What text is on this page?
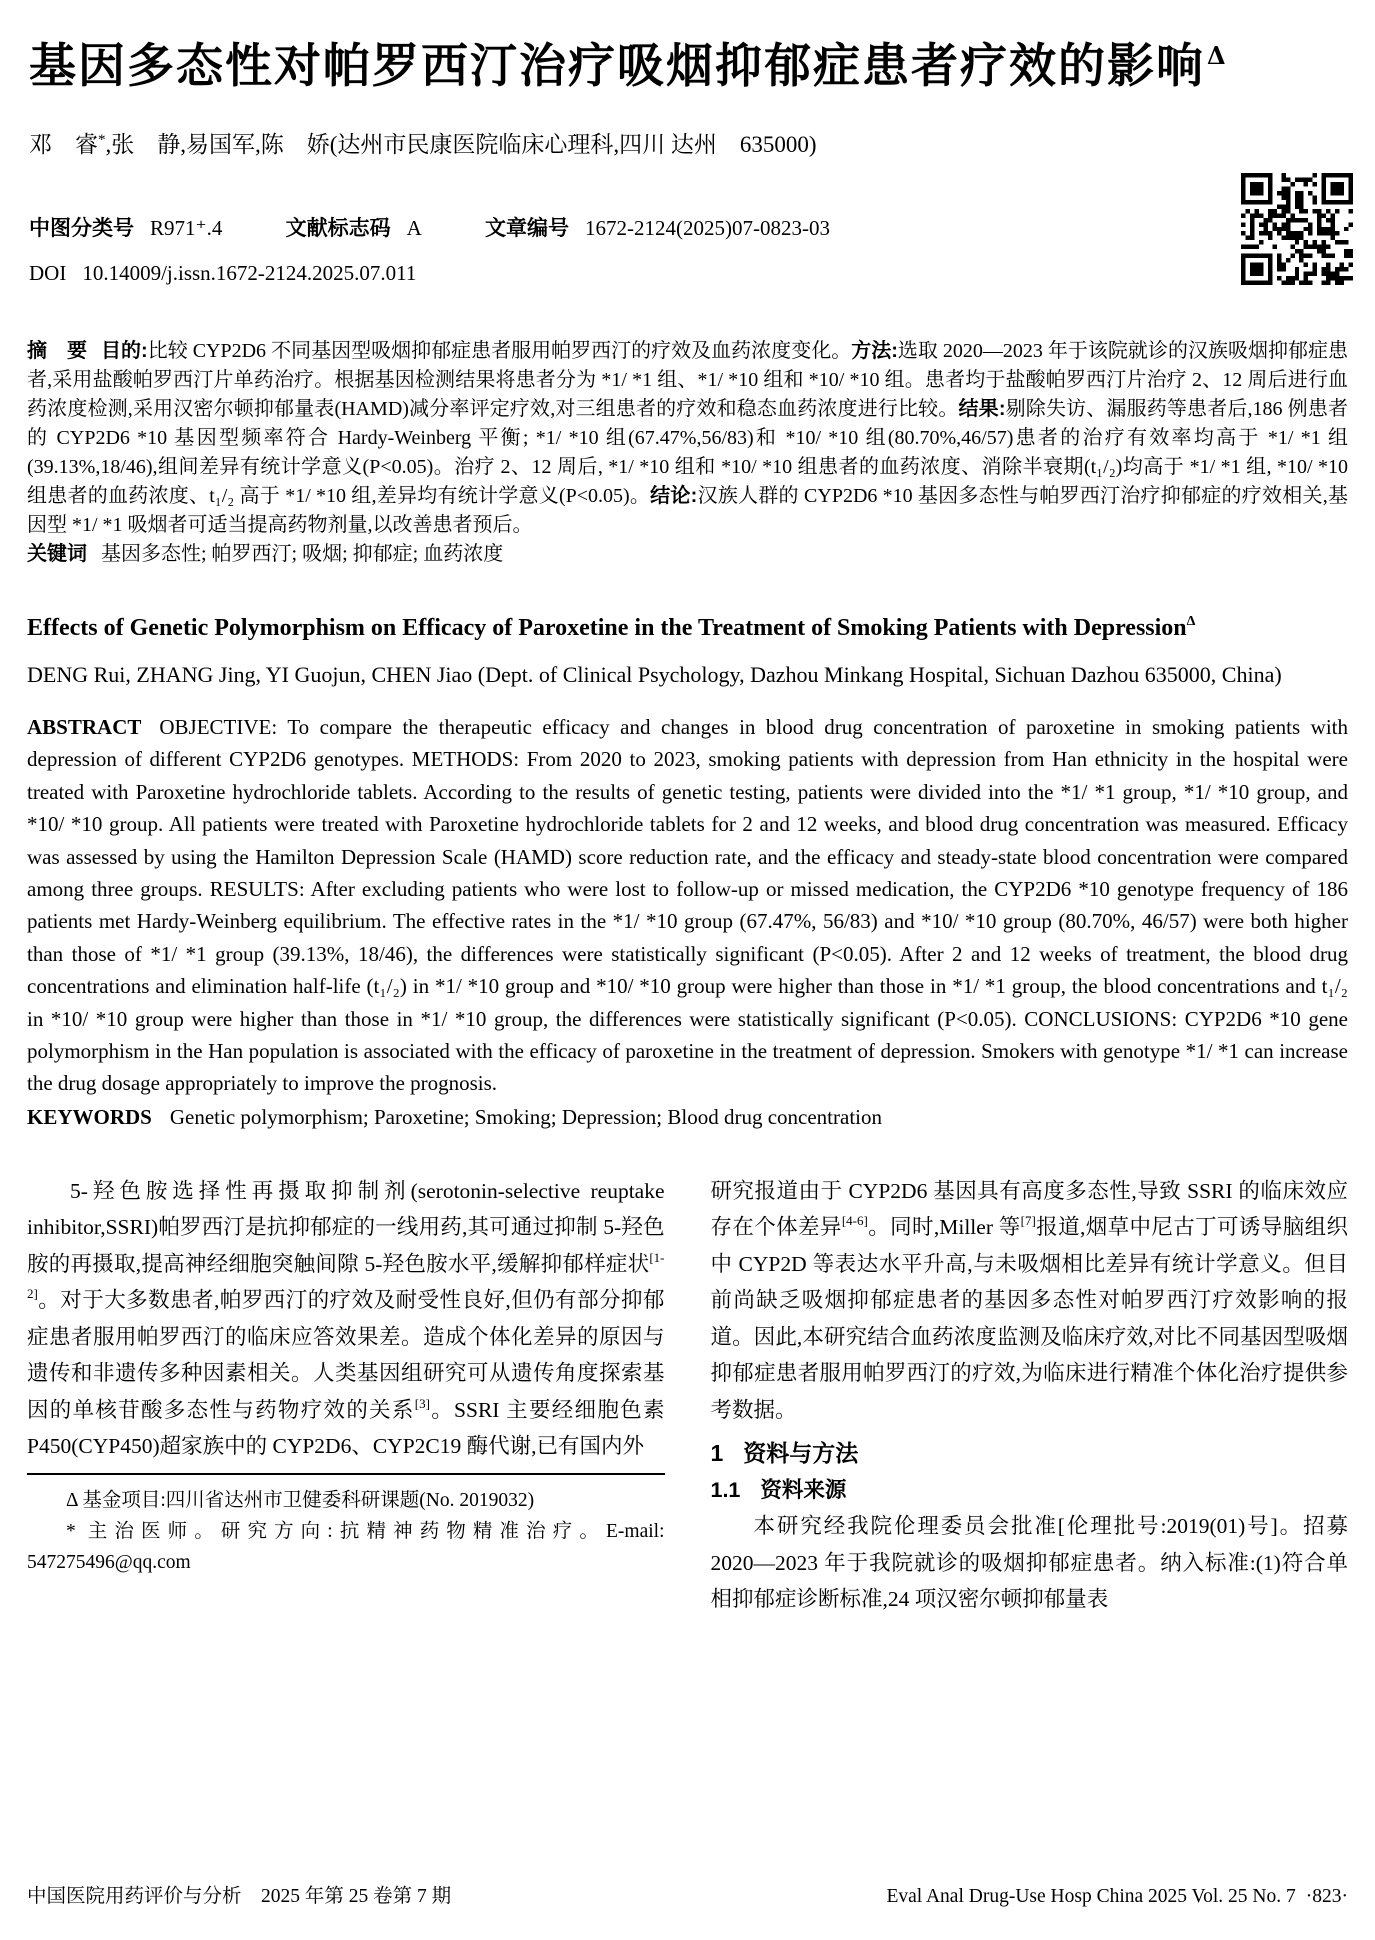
基因多态性对帕罗西汀治疗吸烟抑郁症患者疗效的影响$^\Delta$

邓　睿*,张　静,易国军,陈　娇(达州市民康医院临床心理科,四川 达州　635000)

中图分类号 R971⁺.4	文献标志码 A	文章编号 1672-2124(2025)07-0823-03
DOI 10.14009/j.issn.1672-2124.2025.07.011

摘　要 目的:比较 CYP2D6 不同基因型吸烟抑郁症患者服用帕罗西汀的疗效及血药浓度变化。方法:选取 2020—2023 年于该院就诊的汉族吸烟抑郁症患者,采用盐酸帕罗西汀片单药治疗。根据基因检测结果将患者分为 *1/ *1 组、*1/ *10 组和 *10/ *10 组。患者均于盐酸帕罗西汀片治疗 2、12 周后进行血药浓度检测,采用汉密尔顿抑郁量表(HAMD)减分率评定疗效,对三组患者的疗效和稳态血药浓度进行比较。结果:剔除失访、漏服药等患者后,186 例患者的 CYP2D6 *10 基因型频率符合 Hardy-Weinberg 平衡; *1/ *10 组(67.47%,56/83)和 *10/ *10 组(80.70%,46/57)患者的治疗有效率均高于 *1/ *1 组(39.13%,18/46),组间差异有统计学意义(P<0.05)。治疗 2、12 周后, *1/ *10 组和 *10/ *10 组患者的血药浓度、消除半衰期(t₁/₂)均高于 *1/ *1 组, *10/ *10 组患者的血药浓度、t₁/₂ 高于 *1/ *10 组,差异均有统计学意义(P<0.05)。结论:汉族人群的 CYP2D6 *10 基因多态性与帕罗西汀治疗抑郁症的疗效相关,基因型 *1/ *1 吸烟者可适当提高药物剂量,以改善患者预后。

关键词 基因多态性; 帕罗西汀; 吸烟; 抑郁症; 血药浓度

Effects of Genetic Polymorphism on Efficacy of Paroxetine in the Treatment of Smoking Patients with Depression$^\Delta$

DENG Rui, ZHANG Jing, YI Guojun, CHEN Jiao (Dept. of Clinical Psychology, Dazhou Minkang Hospital, Sichuan Dazhou 635000, China)

ABSTRACT OBJECTIVE: To compare the therapeutic efficacy and changes in blood drug concentration of paroxetine in smoking patients with depression of different CYP2D6 genotypes. METHODS: From 2020 to 2023, smoking patients with depression from Han ethnicity in the hospital were treated with Paroxetine hydrochloride tablets. According to the results of genetic testing, patients were divided into the *1/ *1 group, *1/ *10 group, and *10/ *10 group. All patients were treated with Paroxetine hydrochloride tablets for 2 and 12 weeks, and blood drug concentration was measured. Efficacy was assessed by using the Hamilton Depression Scale (HAMD) score reduction rate, and the efficacy and steady-state blood concentration were compared among three groups. RESULTS: After excluding patients who were lost to follow-up or missed medication, the CYP2D6 *10 genotype frequency of 186 patients met Hardy-Weinberg equilibrium. The effective rates in the *1/ *10 group (67.47%, 56/83) and *10/ *10 group (80.70%, 46/57) were both higher than those of *1/ *1 group (39.13%, 18/46), the differences were statistically significant (P<0.05). After 2 and 12 weeks of treatment, the blood drug concentrations and elimination half-life (t₁/₂) in *1/ *10 group and *10/ *10 group were higher than those in *1/ *1 group, the blood concentrations and t₁/₂ in *10/ *10 group were higher than those in *1/ *10 group, the differences were statistically significant (P<0.05). CONCLUSIONS: CYP2D6 *10 gene polymorphism in the Han population is associated with the efficacy of paroxetine in the treatment of depression. Smokers with genotype *1/ *1 can increase the drug dosage appropriately to improve the prognosis.

KEYWORDS Genetic polymorphism; Paroxetine; Smoking; Depression; Blood drug concentration

5-羟色胺选择性再摄取抑制剂(serotonin-selective reuptake inhibitor,SSRI)帕罗西汀是抗抑郁症的一线用药,其可通过抑制 5-羟色胺的再摄取,提高神经细胞突触间隙 5-羟色胺水平,缓解抑郁样症状[1-2]。对于大多数患者,帕罗西汀的疗效及耐受性良好,但仍有部分抑郁症患者服用帕罗西汀的临床应答效果差。造成个体化差异的原因与遗传和非遗传多种因素相关。人类基因组研究可从遗传角度探索基因的单核苷酸多态性与药物疗效的关系[3]。SSRI 主要经细胞色素 P450(CYP450)超家族中的 CYP2D6、CYP2C19 酶代谢,已有国内外

Δ 基金项目:四川省达州市卫健委科研课题(No. 2019032)

* 主治医师。研究方向:抗精神药物精准治疗。E-mail: 547275496@qq.com

研究报道由于 CYP2D6 基因具有高度多态性,导致 SSRI 的临床效应存在个体差异[4-6]。同时,Miller 等[7]报道,烟草中尼古丁可诱导脑组织中 CYP2D 等表达水平升高,与未吸烟相比差异有统计学意义。但目前尚缺乏吸烟抑郁症患者的基因多态性对帕罗西汀疗效影响的报道。因此,本研究结合血药浓度监测及临床疗效,对比不同基因型吸烟抑郁症患者服用帕罗西汀的疗效,为临床进行精准个体化治疗提供参考数据。

1 资料与方法
1.1 资料来源

本研究经我院伦理委员会批准[伦理批号:2019(01)号]。招募 2020—2023 年于我院就诊的吸烟抑郁症患者。纳入标准:(1)符合单相抑郁症诊断标准,24 项汉密尔顿抑郁量表

中国医院用药评价与分析　2025 年第 25 卷第 7 期	Eval Anal Drug-Use Hosp China 2025 Vol. 25 No. 7 ·823·
